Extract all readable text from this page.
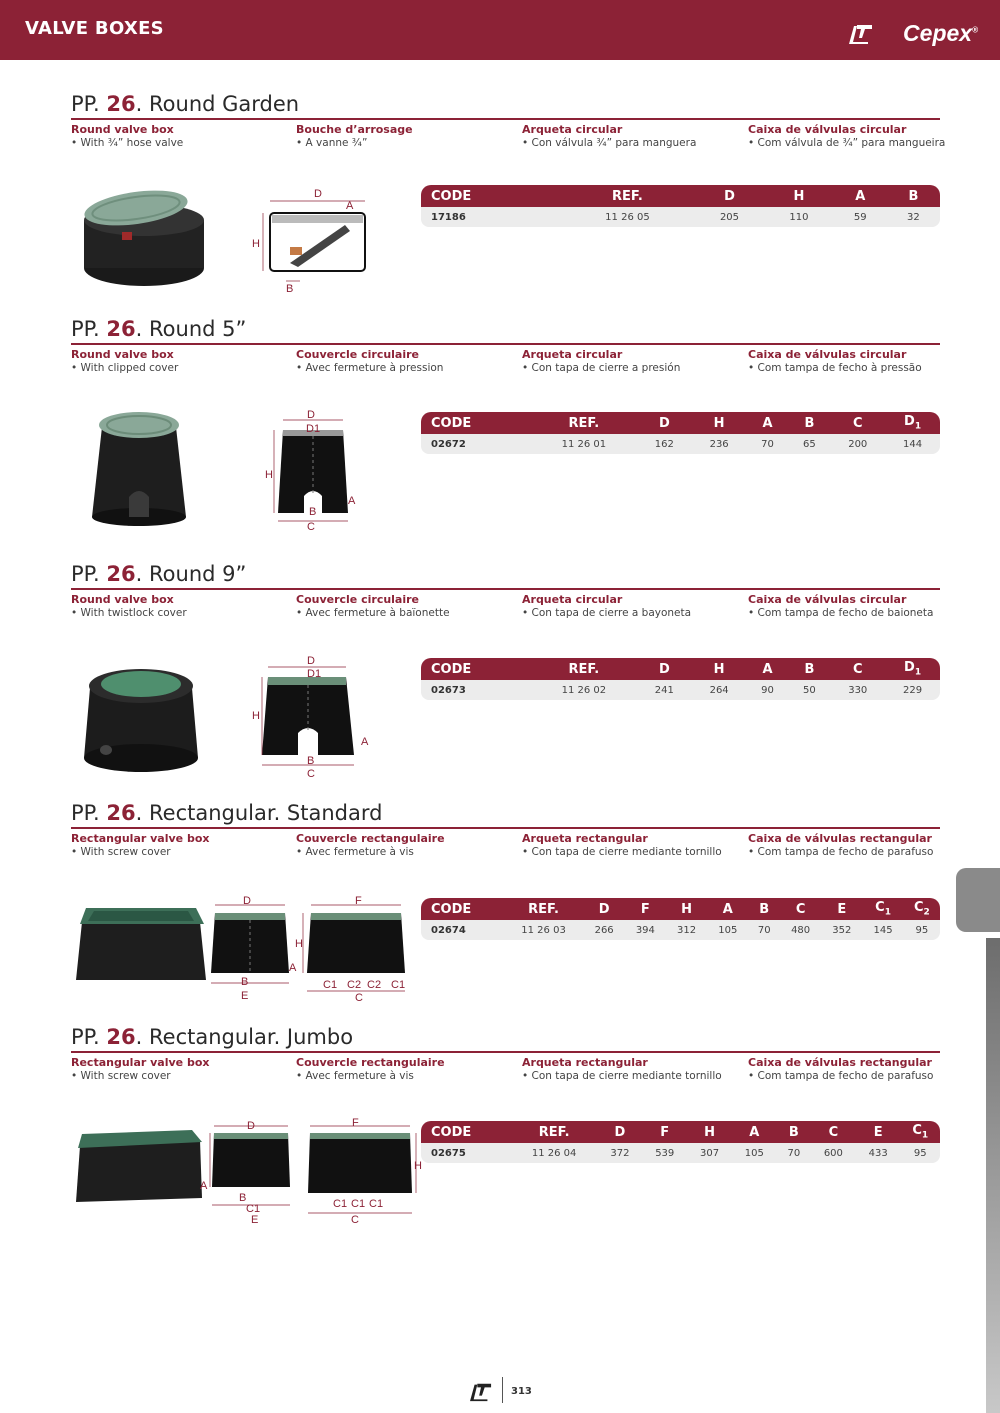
VALVE BOXES	Cepex®
PP. 26. Round Garden
Round valve box
• With ¾” hose valve
Bouche d’arrosage
• A vanne ¾”
Arqueta circular
• Con válvula ¾” para manguera
Caixa de válvulas circular
• Com válvula de ¾” para mangueira
D
A
H
B
CODE	REF.	D	H	A	B
17186	11 26 05	205	110	59	32
PP. 26. Round 5”
Round valve box
• With clipped cover
Couvercle circulaire
• Avec fermeture à pression
Arqueta circular
• Con tapa de cierre a presión
Caixa de válvulas circular
• Com tampa de fecho à pressão
D
D1
H
A
B
C
CODE	REF.	D	H	A	B	C	$D_1$
02672	11 26 01	162	236	70	65	200	144
PP. 26. Round 9”
Round valve box
• With twistlock cover
Couvercle circulaire
• Avec fermeture à baïonette
Arqueta circular
• Con tapa de cierre a bayoneta
Caixa de válvulas circular
• Com tampa de fecho de baioneta
D
D1
H
A
B
C
CODE	REF.	D	H	A	B	C	$D_1$
02673	11 26 02	241	264	90	50	330	229
PP. 26. Rectangular. Standard
Rectangular valve box
• With screw cover
Couvercle rectangulaire
• Avec fermeture à vis
Arqueta rectangular
• Con tapa de cierre mediante tornillo
Caixa de válvulas rectangular
• Com tampa de fecho de parafuso
D
A
B
E
F
H
C1 C2 C2 C1
C
CODE	REF.	D	F	H	A	B	C	E	$C_1$	$C_2$
02674	11 26 03	266	394	312	105	70	480	352	145	95
PP. 26. Rectangular. Jumbo
Rectangular valve box
• With screw cover
Couvercle rectangulaire
• Avec fermeture à vis
Arqueta rectangular
• Con tapa de cierre mediante tornillo
Caixa de válvulas rectangular
• Com tampa de fecho de parafuso
D
A
B
C1
E
F
H
C1 C1 C1
C
CODE	REF.	D	F	H	A	B	C	E	$C_1$
02675	11 26 04	372	539	307	105	70	600	433	95
313
